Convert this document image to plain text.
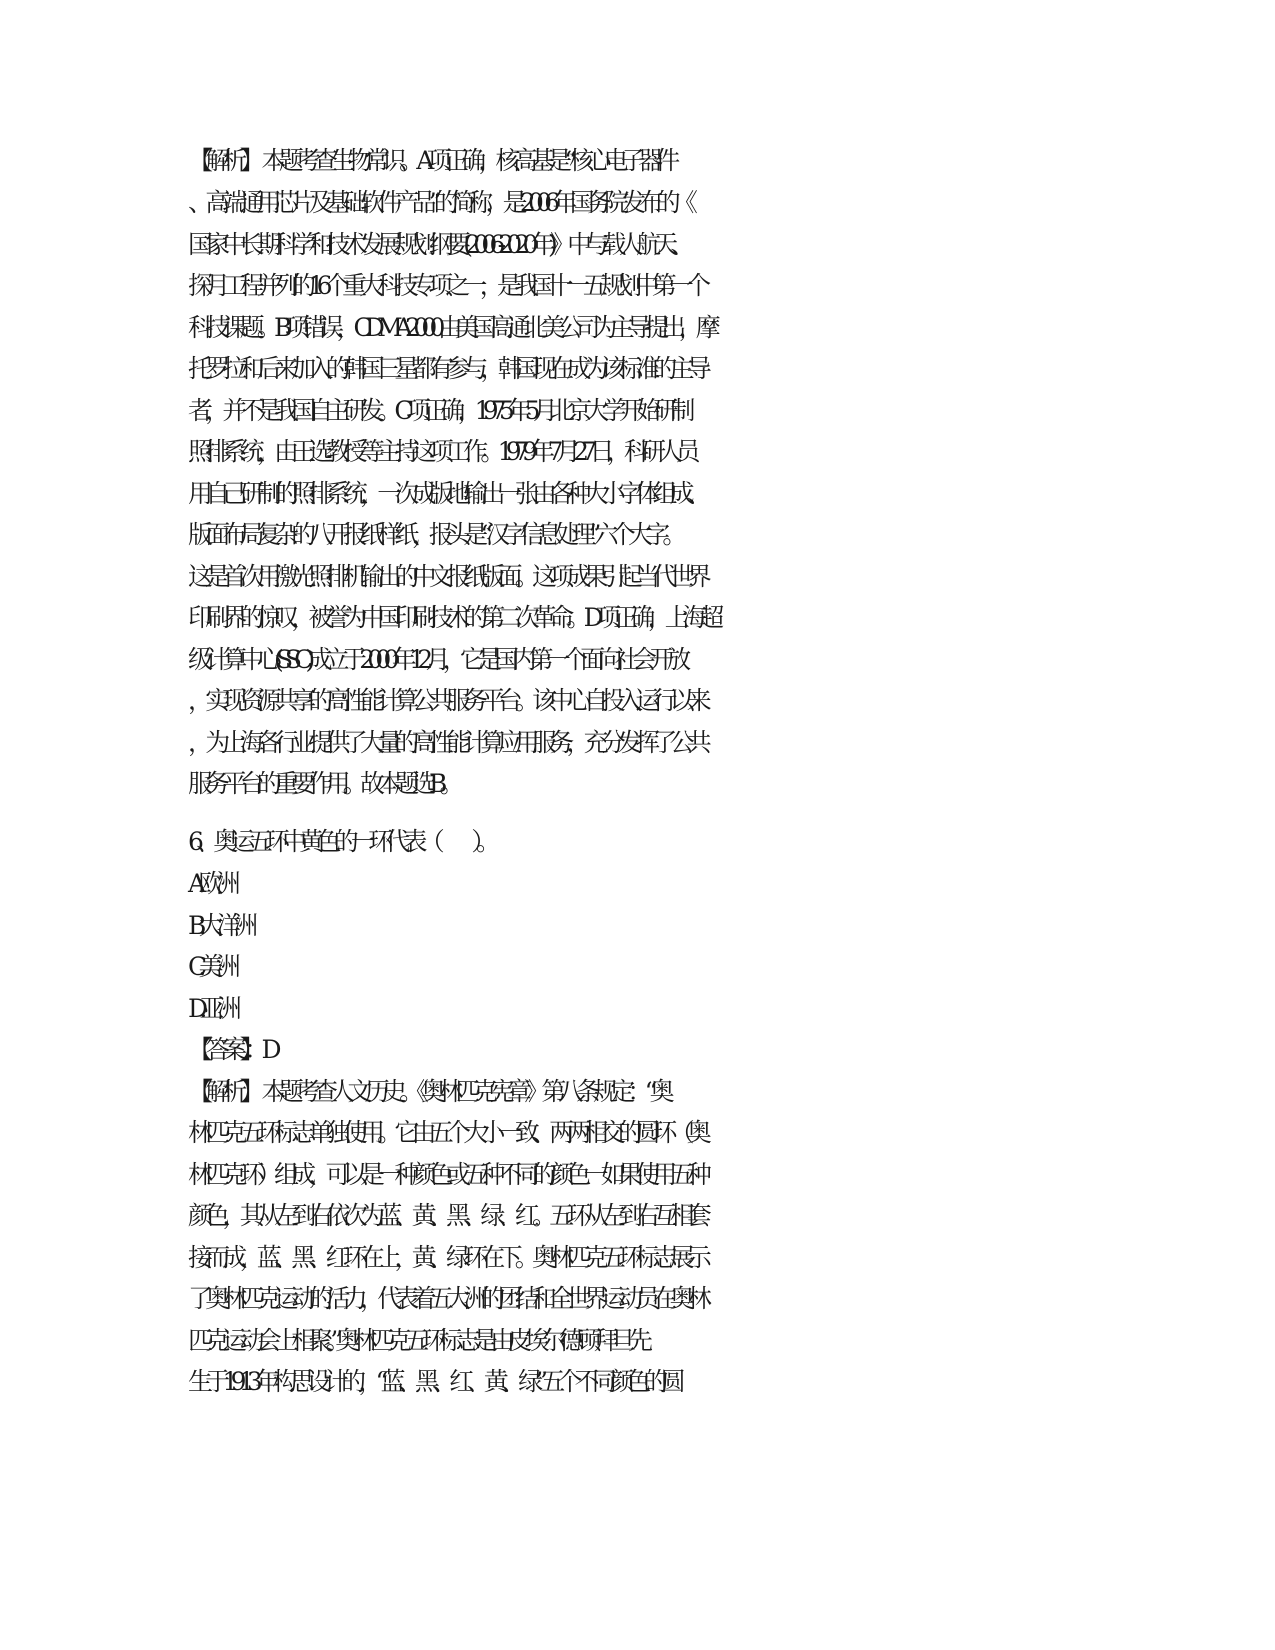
【解析】　本题考查生物常识。A 项正确，核高基是“核心电子器件
、高端通用芯片及基础软件产品”的简称，是 2006 年国务院发布的《
国家中长期科学和技术发展规划纲要(2006-2020 年)》中与载人航天、
探月工程并列的 16 个重大科技专项之一，是我国十一五规划中第一个
科技课题。B 项错误，CDMA2000 由美国高通北美公司为主导提出，摩
托罗拉和后来加入的韩国三星都有参与，韩国现在成为该标准的主导
者，并不是我国自主研发。C 项正确，1975 年 5 月北京大学开始研制
照排系统，由王选教授等主持这项工作。1979 年 7 月 27 日，科研人员
用自己研制的照排系统，一次成版地输出一张由各种大小字体组成、
版面布局复杂的八开报纸样纸，报头是“汉字信息处理”六个大字。
这是首次用激光照排机输出的中文报纸版面。这项成果引起当代世界
印刷界的惊叹，被誉为中国印刷技术的第二次革命。D 项正确，上海超
级计算中心(SSC)成立于 2000 年 12 月，它是国内第一个面向社会开放
，实现资源共享的高性能计算公共服务平台。该中心自投入运行以来
，为上海各行业提供了大量的高性能计算应用服务，充分发挥了公共
服务平台的重要作用。故本题选 B。
6、奥运五环中黄色的一环代表（　　）。
A.欧洲
B.大洋洲
C.美洲
D.亚洲
【答案】：D
【解析】　本题考查人文历史。《奥林匹克宪章》第八条规定：“奥
林匹克五环标志单独使用。它由五个大小一致、两两相交的圆环（奥
林匹克环）组成，可以是一种颜色或五种不同的颜色一如果使用五种
颜色，其从左到右依次为蓝、黄、黑、绿、红。五环从左到右互相套
接而成，蓝、黑、红环在上，黄、绿环在下。奥林匹克五环标志展示
了奥林匹克运动的活力，代表着五大洲的团结和全世界运动员在奥林
匹克运动会上相聚。”奥林匹克五环标志是由皮埃尔·德·顾拜旦先
生于 1913 年构思设计的，“蓝、黑、红、黄、绿”五个不同颜色的圆
